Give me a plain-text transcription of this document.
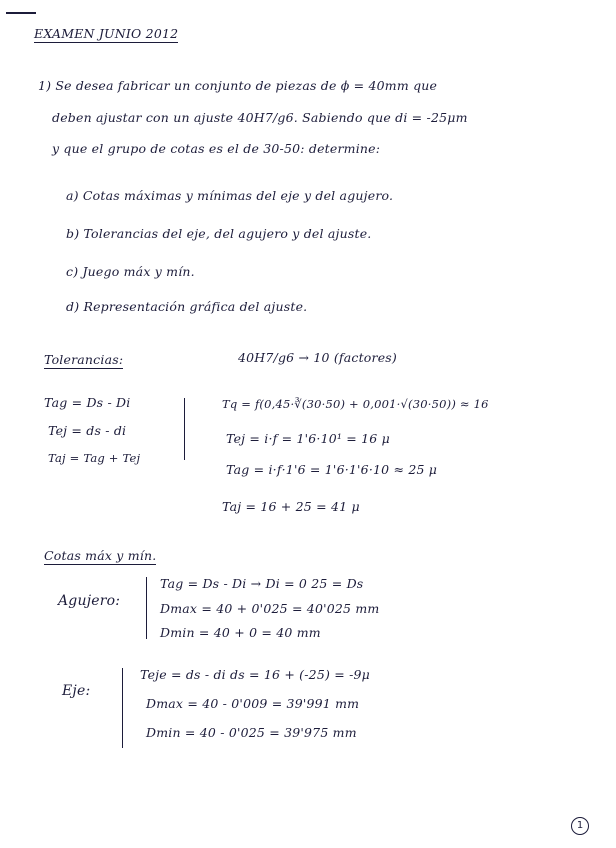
EXAMEN JUNIO 2012
1) Se desea fabricar un conjunto de piezas de ϕ = 40mm que
deben ajustar con un ajuste 40H7/g6. Sabiendo que di = -25μm
y que el grupo de cotas es el de 30-50: determine:
a) Cotas máximas y mínimas del eje y del agujero.
b) Tolerancias del eje, del agujero y del ajuste.
c) Juego máx y mín.
d) Representación gráfica del ajuste.
Tolerancias:	40H7/g6 → 10 (factores)
Tag = Ds - Di
Tej = ds - di
Taj = Tag + Tej
Tq = f(0,45·∛(30·50) + 0,001·√(30·50)) ≈ 16
Tej = i·f = 1'6·10¹ = 16 μ
Tag = i·f·1'6 = 1'6·1'6·10 ≈ 25 μ
Taj = 16 + 25 = 41 μ
Cotas máx y mín.
Agujero:
Tag = Ds - Di → Di = 0 25 = Ds
Dmax = 40 + 0'025 = 40'025 mm
Dmin = 40 + 0 = 40 mm
Eje:
Teje = ds - di ds = 16 + (-25) = -9μ
Dmax = 40 - 0'009 = 39'991 mm
Dmin = 40 - 0'025 = 39'975 mm
1
